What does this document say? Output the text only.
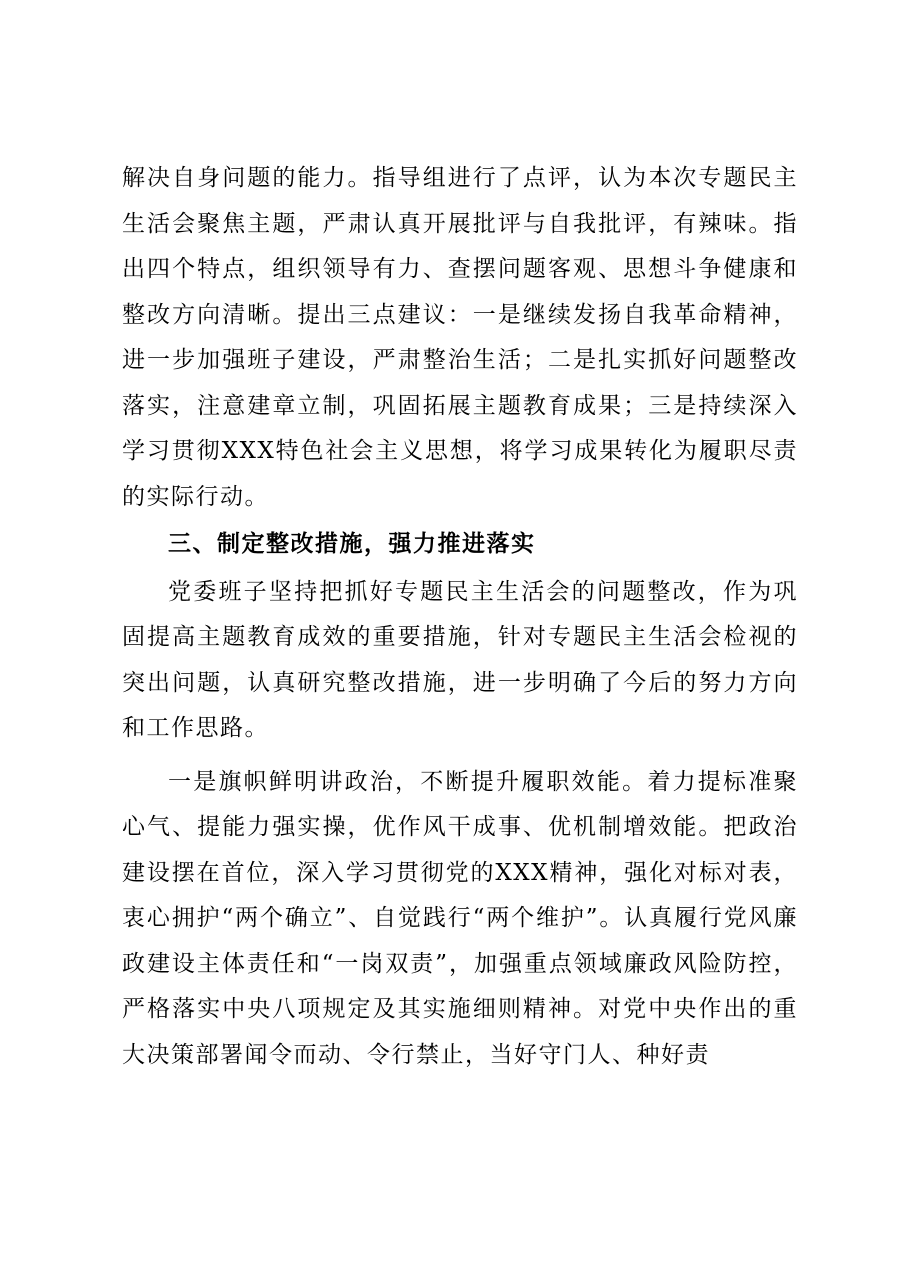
解决自身问题的能力。指导组进行了点评，认为本次专题民主生活会聚焦主题，严肃认真开展批评与自我批评，有辣味。指出四个特点，组织领导有力、查摆问题客观、思想斗争健康和整改方向清晰。提出三点建议：一是继续发扬自我革命精神，进一步加强班子建设，严肃整治生活；二是扎实抓好问题整改落实，注意建章立制，巩固拓展主题教育成果；三是持续深入学习贯彻XXX特色社会主义思想，将学习成果转化为履职尽责的实际行动。

三、制定整改措施，强力推进落实

党委班子坚持把抓好专题民主生活会的问题整改，作为巩固提高主题教育成效的重要措施，针对专题民主生活会检视的突出问题，认真研究整改措施，进一步明确了今后的努力方向和工作思路。

一是旗帜鲜明讲政治，不断提升履职效能。着力提标准聚心气、提能力强实操，优作风干成事、优机制增效能。把政治建设摆在首位，深入学习贯彻党的XXX精神，强化对标对表，衷心拥护“两个确立”、自觉践行“两个维护”。认真履行党风廉政建设主体责任和“一岗双责”，加强重点领域廉政风险防控，严格落实中央八项规定及其实施细则精神。对党中央作出的重大决策部署闻令而动、令行禁止，当好守门人、种好责
